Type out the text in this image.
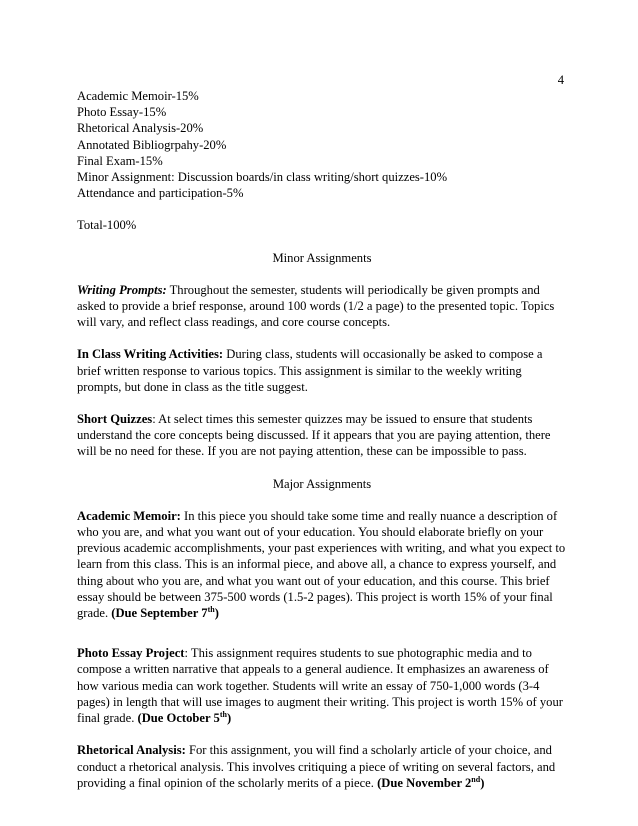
4
Academic Memoir-15%
Photo Essay-15%
Rhetorical Analysis-20%
Annotated Bibliogrpahy-20%
Final Exam-15%
Minor Assignment: Discussion boards/in class writing/short quizzes-10%
Attendance and participation-5%
Total-100%
Minor Assignments
Writing Prompts: Throughout the semester, students will periodically be given prompts and
asked to provide a brief response, around 100 words (1/2 a page) to the presented topic. Topics
will vary, and reflect class readings, and core course concepts.
In Class Writing Activities: During class, students will occasionally be asked to compose a
brief written response to various topics. This assignment is similar to the weekly writing
prompts, but done in class as the title suggest.
Short Quizzes: At select times this semester quizzes may be issued to ensure that students
understand the core concepts being discussed. If it appears that you are paying attention, there
will be no need for these. If you are not paying attention, these can be impossible to pass.
Major Assignments
Academic Memoir: In this piece you should take some time and really nuance a description of
who you are, and what you want out of your education. You should elaborate briefly on your
previous academic accomplishments, your past experiences with writing, and what you expect to
learn from this class. This is an informal piece, and above all, a chance to express yourself, and
thing about who you are, and what you want out of your education, and this course. This brief
essay should be between 375-500 words (1.5-2 pages). This project is worth 15% of your final
grade. (Due September 7th)
Photo Essay Project: This assignment requires students to sue photographic media and to
compose a written narrative that appeals to a general audience. It emphasizes an awareness of
how various media can work together. Students will write an essay of 750-1,000 words (3-4
pages) in length that will use images to augment their writing. This project is worth 15% of your
final grade. (Due October 5th)
Rhetorical Analysis: For this assignment, you will find a scholarly article of your choice, and
conduct a rhetorical analysis. This involves critiquing a piece of writing on several factors, and
providing a final opinion of the scholarly merits of a piece. (Due November 2nd)
